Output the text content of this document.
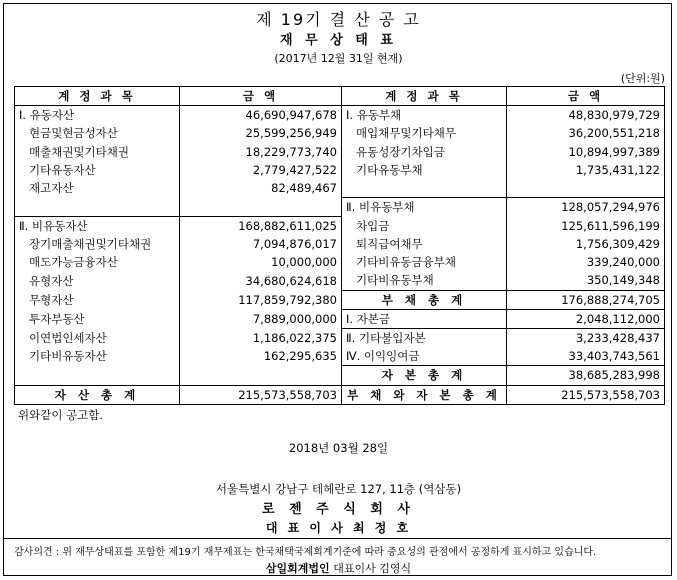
제 19기 결 산 공 고
재 무 상 태 표
(2017년 12월 31일 현재)
(단위:원)
계 정 과 목	금 액	계 정 과 목	금 액
Ⅰ. 유동자산	46,690,947,678	Ⅰ. 유동부채	48,830,979,729
현금및현금성자산	25,599,256,949	매입채무및기타채무	36,200,551,218
매출채권및기타채권	18,229,773,740	유동성장기차입금	10,894,997,389
기타유동자산	2,779,427,522	기타유동부채	1,735,431,122
재고자산	82,489,467		
		Ⅱ. 비유동부채	128,057,294,976
Ⅱ. 비유동자산	168,882,611,025	차입금	125,611,596,199
장기매출채권및기타채권	7,094,876,017	퇴직급여채무	1,756,309,429
매도가능금융자산	10,000,000	기타비유동금융부채	339,240,000
유형자산	34,680,624,618	기타비유동부채	350,149,348
무형자산	117,859,792,380	부 채 총 계	176,888,274,705
투자부동산	7,889,000,000	Ⅰ. 자본금	2,048,112,000
이연법인세자산	1,186,022,375	Ⅱ. 기타불입자본	3,233,428,437
기타비유동자산	162,295,635	Ⅳ. 이익잉여금	33,403,743,561
		자 본 총 계	38,685,283,998
자 산 총 계	215,573,558,703	부 채 와 자 본 총 계	215,573,558,703
위와같이 공고함.
2018년 03월 28일
서울특별시 강남구 테헤란로 127, 11층 (역삼동)
로 젠 주 식 회 사
대 표 이 사 최 정 호
감사의견 : 위 재무상태표를 포함한 제19기 재무제표는 한국채택국제회계기준에 따라 중요성의 관점에서 공정하게 표시하고 있습니다.
삼일회계법인 대표이사 김영식
